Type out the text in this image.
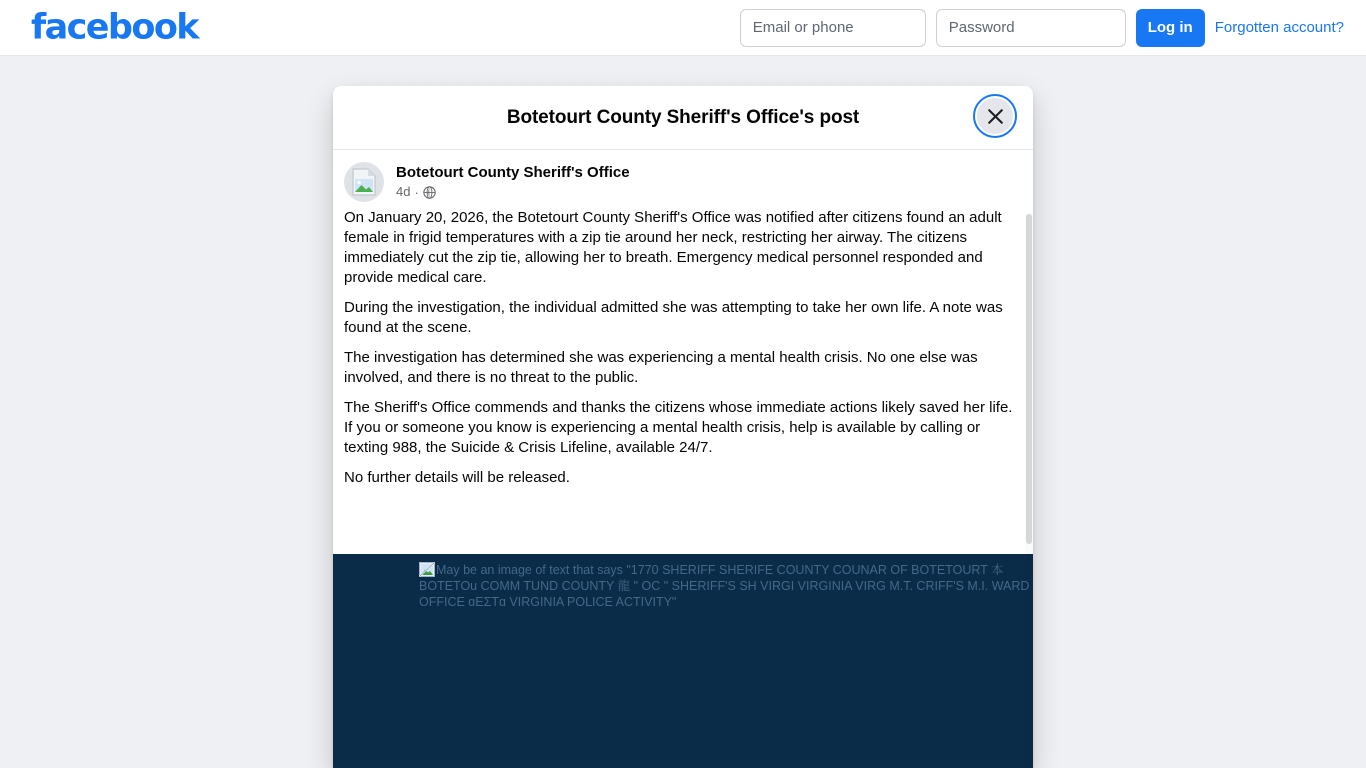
facebook
Email or phone	Log in	Forgotten account?
Botetourt County Sheriff's Office's post
Botetourt County Sheriff's Office
4d ·

On January 20, 2026, the Botetourt County Sheriff's Office was notified after citizens found an adult female in frigid temperatures with a zip tie around her neck, restricting her airway. The citizens immediately cut the zip tie, allowing her to breath. Emergency medical personnel responded and provide medical care.

During the investigation, the individual admitted she was attempting to take her own life. A note was found at the scene.

The investigation has determined she was experiencing a mental health crisis. No one else was involved, and there is no threat to the public.

The Sheriff's Office commends and thanks the citizens whose immediate actions likely saved her life. If you or someone you know is experiencing a mental health crisis, help is available by calling or texting 988, the Suicide & Crisis Lifeline, available 24/7.

No further details will be released.

May be an image of text that says "1770 SHERIFF SHERIFE COUNTY COUNAR OF BOTETOURT 本 BOTETOu COMM TUND COUNTY 龍 " OC " SHERIFF'S SH VIRGI VIRGINIA VIRG M.T. CRIFF'S M.I. WARD OFFICE ɑΕΣΤɑ VIRGINIA POLICE ACTIVITY"
